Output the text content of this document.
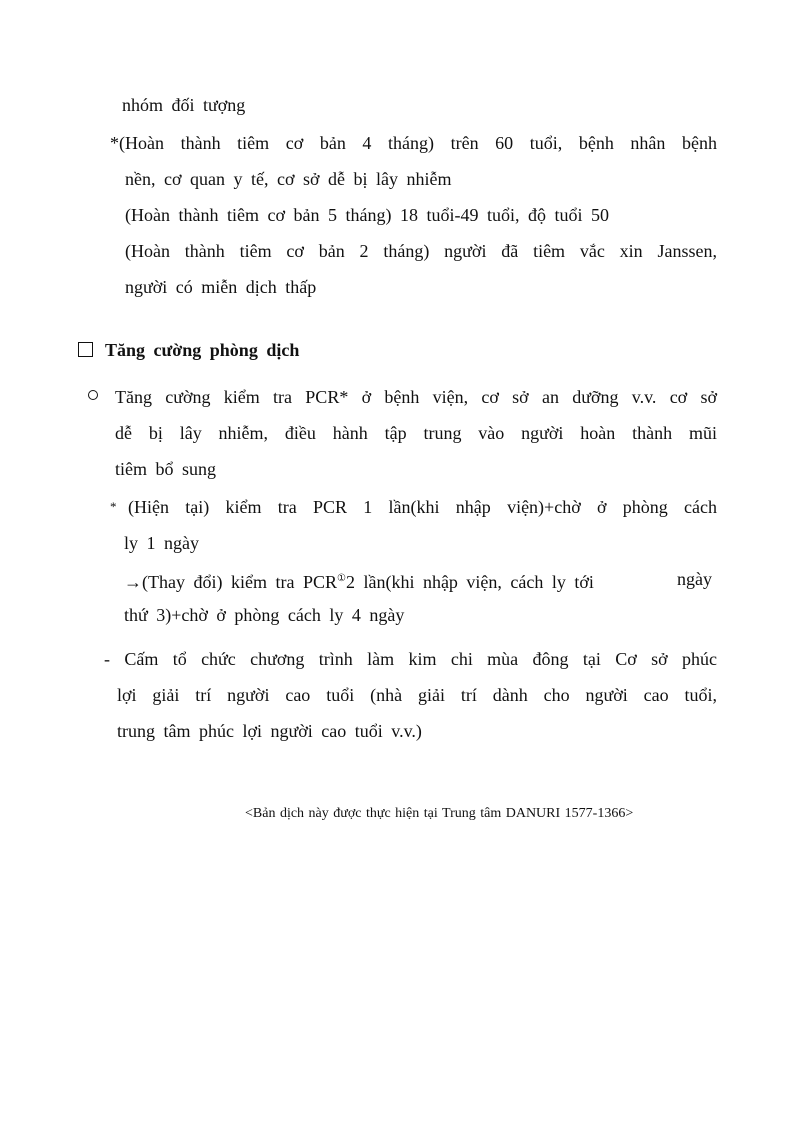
nhóm đối tượng
*(Hoàn thành tiêm cơ bản 4 tháng) trên 60 tuổi, bệnh nhân bệnh
nền, cơ quan y tế, cơ sở dễ bị lây nhiễm
(Hoàn thành tiêm cơ bản 5 tháng) 18 tuổi-49 tuổi, độ tuổi 50
(Hoàn thành tiêm cơ bản 2 tháng) người đã tiêm vắc xin Janssen,
người có miễn dịch thấp
Tăng cường phòng dịch
Tăng cường kiểm tra PCR* ở bệnh viện, cơ sở an dưỡng v.v. cơ sở
dễ bị lây nhiễm, điều hành tập trung vào người hoàn thành mũi
tiêm bổ sung
* (Hiện tại) kiểm tra PCR 1 lần(khi nhập viện)+chờ ở phòng cách
ly 1 ngày
→(Thay đổi) kiểm tra PCR①2 lần(khi nhập viện, cách ly tới	ngày
thứ 3)+chờ ở phòng cách ly 4 ngày
- Cấm tổ chức chương trình làm kim chi mùa đông tại Cơ sở phúc
lợi giải trí người cao tuổi (nhà giải trí dành cho người cao tuổi,
trung tâm phúc lợi người cao tuổi v.v.)
<Bản dịch này được thực hiện tại Trung tâm DANURI 1577-1366>
